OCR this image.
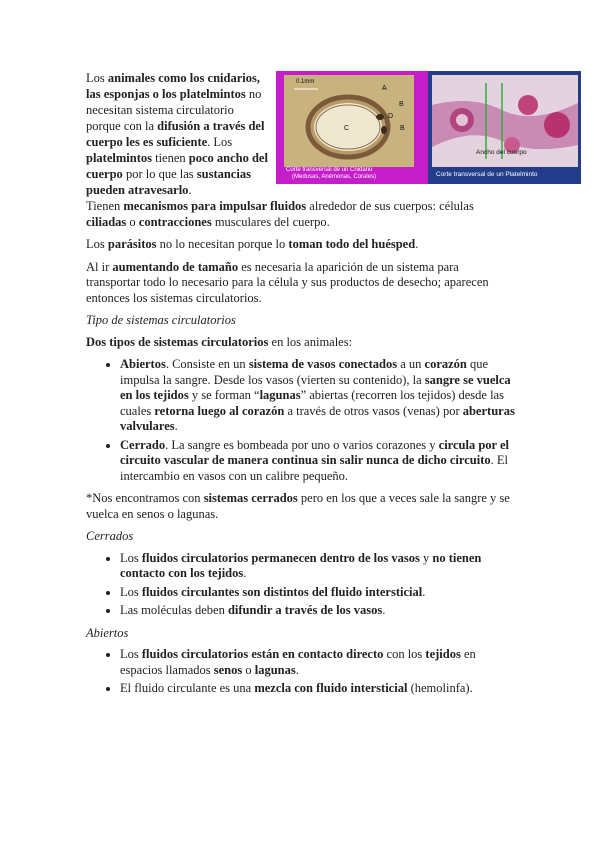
Los animales como los cnidarios, las esponjas o los platelmintos no necesitan sistema circulatorio porque con la difusión a través del cuerpo les es suficiente. Los platelmintos tienen poco ancho del cuerpo por lo que las sustancias pueden atravesarlo.
0.1mm
A
B
B
C
D
Corte transversal de un Cnidario
(Medusas, Anémonas, Corales)
Ancho del cuerpo
Corte transversal de un Platelminto

Tienen mecanismos para impulsar fluidos alrededor de sus cuerpos: células ciliadas o contracciones musculares del cuerpo.

Los parásitos no lo necesitan porque lo toman todo del huésped.

Al ir aumentando de tamaño es necesaria la aparición de un sistema para transportar todo lo necesario para la célula y sus productos de desecho; aparecen entonces los sistemas circulatorios.

Tipo de sistemas circulatorios

Dos tipos de sistemas circulatorios en los animales:

• Abiertos. Consiste en un sistema de vasos conectados a un corazón que impulsa la sangre. Desde los vasos (vierten su contenido), la sangre se vuelca en los tejidos y se forman “lagunas” abiertas (recorren los tejidos) desde las cuales retorna luego al corazón a través de otros vasos (venas) por aberturas valvulares.
• Cerrado. La sangre es bombeada por uno o varios corazones y circula por el circuito vascular de manera continua sin salir nunca de dicho circuito. El intercambio en vasos con un calibre pequeño.

*Nos encontramos con sistemas cerrados pero en los que a veces sale la sangre y se vuelca en senos o lagunas.

Cerrados

• Los fluidos circulatorios permanecen dentro de los vasos y no tienen contacto con los tejidos.
• Los fluidos circulantes son distintos del fluido intersticial.
• Las moléculas deben difundir a través de los vasos.

Abiertos

• Los fluidos circulatorios están en contacto directo con los tejidos en espacios llamados senos o lagunas.
• El fluido circulante es una mezcla con fluido intersticial (hemolinfa).
